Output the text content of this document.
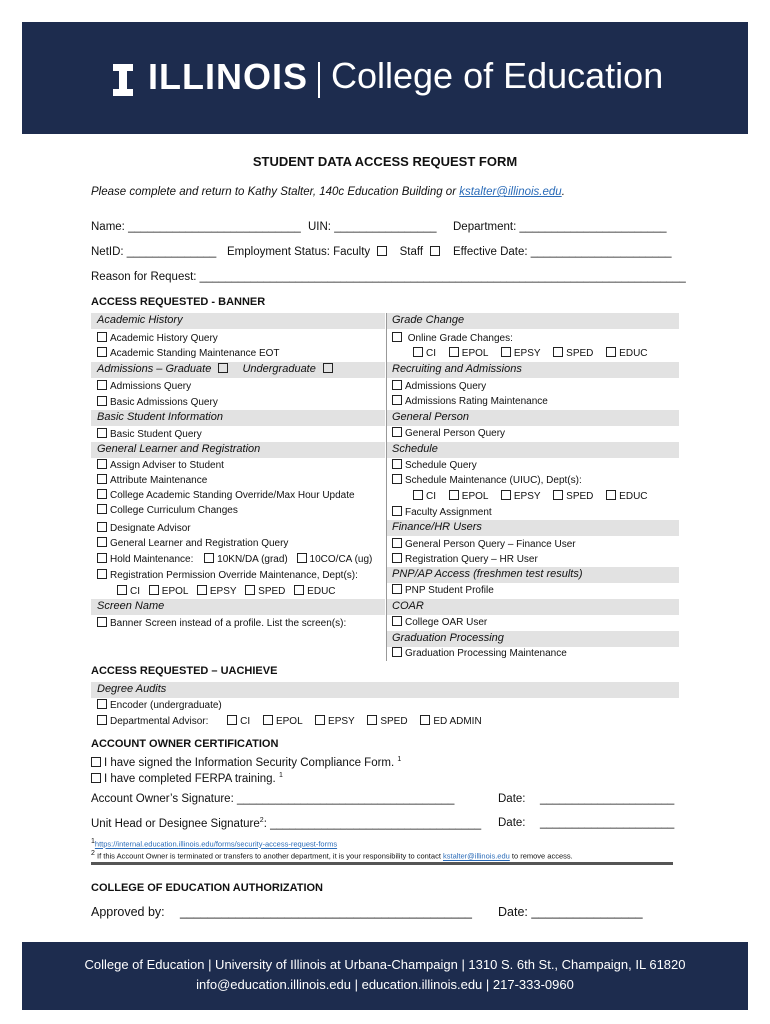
ILLINOIS College of Education
STUDENT DATA ACCESS REQUEST FORM
Please complete and return to Kathy Stalter, 140c Education Building or kstalter@illinois.edu.
Name: ___________________________ UIN: ________________ Department: _______________________
NetID: ______________ Employment Status: Faculty	Staff	Effective Date: ______________________
Reason for Request: ____________________________________________________________________________
ACCESS REQUESTED - BANNER
Academic History
Academic History Query
Academic Standing Maintenance EOT
Admissions – Graduate	Undergraduate
Admissions Query
Basic Admissions Query
Basic Student Information
Basic Student Query
General Learner and Registration
Assign Adviser to Student
Attribute Maintenance
College Academic Standing Override/Max Hour Update
College Curriculum Changes
Designate Advisor
General Learner and Registration Query
Hold Maintenance: 10KN/DA (grad) 10CO/CA (ug)
Registration Permission Override Maintenance, Dept(s):
CI EPOL EPSY SPED EDUC
Screen Name
Banner Screen instead of a profile. List the screen(s):
Grade Change
Online Grade Changes:
CI	EPOL	EPSY	SPED	EDUC
Recruiting and Admissions
Admissions Query
Admissions Rating Maintenance
General Person
General Person Query
Schedule
Schedule Query
Schedule Maintenance (UIUC), Dept(s):
CI	EPOL	EPSY	SPED	EDUC
Faculty Assignment
Finance/HR Users
General Person Query – Finance User
Registration Query – HR User
PNP/AP Access (freshmen test results)
PNP Student Profile
COAR
College OAR User
Graduation Processing
Graduation Processing Maintenance
ACCESS REQUESTED – UACHIEVE
Degree Audits
Encoder (undergraduate)
Departmental Advisor:	CI	EPOL	EPSY	SPED	ED ADMIN
ACCOUNT OWNER CERTIFICATION
I have signed the Information Security Compliance Form. $^1$
I have completed FERPA training. $^1$
Account Owner’s Signature: __________________________________	Date: _____________________
Unit Head or Designee Signature$^2$: _________________________________ Date: _____________________
$^1$https://internal.education.illinois.edu/forms/security-access-request-forms
$^2$ If this Account Owner is terminated or transfers to another department, it is your responsibility to contact kstalter@illinois.edu to remove access.
COLLEGE OF EDUCATION AUTHORIZATION
Approved by: __________________________________________ Date: ________________
College of Education | University of Illinois at Urbana-Champaign | 1310 S. 6th St., Champaign, IL 61820
info@education.illinois.edu | education.illinois.edu | 217-333-0960
